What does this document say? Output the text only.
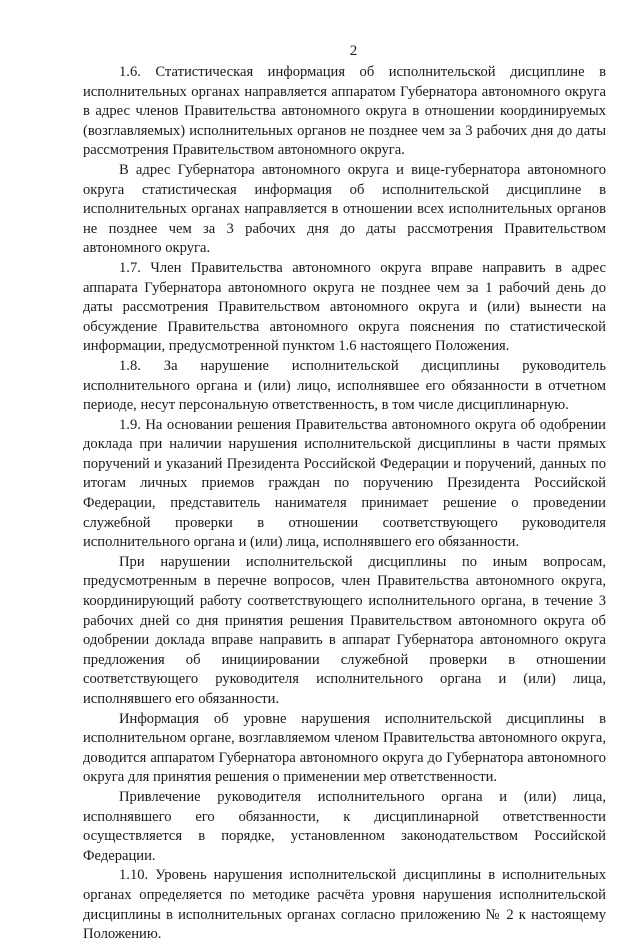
2

1.6. Статистическая информация об исполнительской дисциплине в исполнительных органах направляется аппаратом Губернатора автономного округа в адрес членов Правительства автономного округа в отношении координируемых (возглавляемых) исполнительных органов не позднее чем за 3 рабочих дня до даты рассмотрения Правительством автономного округа.

В адрес Губернатора автономного округа и вице-губернатора автономного округа статистическая информация об исполнительской дисциплине в исполнительных органах направляется в отношении всех исполнительных органов не позднее чем за 3 рабочих дня до даты рассмотрения Правительством автономного округа.

1.7. Член Правительства автономного округа вправе направить в адрес аппарата Губернатора автономного округа не позднее чем за 1 рабочий день до даты рассмотрения Правительством автономного округа и (или) вынести на обсуждение Правительства автономного округа пояснения по статистической информации, предусмотренной пунктом 1.6 настоящего Положения.

1.8. За нарушение исполнительской дисциплины руководитель исполнительного органа и (или) лицо, исполнявшее его обязанности в отчетном периоде, несут персональную ответственность, в том числе дисциплинарную.

1.9. На основании решения Правительства автономного округа об одобрении доклада при наличии нарушения исполнительской дисциплины в части прямых поручений и указаний Президента Российской Федерации и поручений, данных по итогам личных приемов граждан по поручению Президента Российской Федерации, представитель нанимателя принимает решение о проведении служебной проверки в отношении соответствующего руководителя исполнительного органа и (или) лица, исполнявшего его обязанности.

При нарушении исполнительской дисциплины по иным вопросам, предусмотренным в перечне вопросов, член Правительства автономного округа, координирующий работу соответствующего исполнительного органа, в течение 3 рабочих дней со дня принятия решения Правительством автономного округа об одобрении доклада вправе направить в аппарат Губернатора автономного округа предложения об инициировании служебной проверки в отношении соответствующего руководителя исполнительного органа и (или) лица, исполнявшего его обязанности.

Информация об уровне нарушения исполнительской дисциплины в исполнительном органе, возглавляемом членом Правительства автономного округа, доводится аппаратом Губернатора автономного округа до Губернатора автономного округа для принятия решения о применении мер ответственности.

Привлечение руководителя исполнительного органа и (или) лица, исполнявшего его обязанности, к дисциплинарной ответственности осуществляется в порядке, установленном законодательством Российской Федерации.

1.10. Уровень нарушения исполнительской дисциплины в исполнительных органах определяется по методике расчёта уровня нарушения исполнительской дисциплины в исполнительных органах согласно приложению № 2 к настоящему Положению.
